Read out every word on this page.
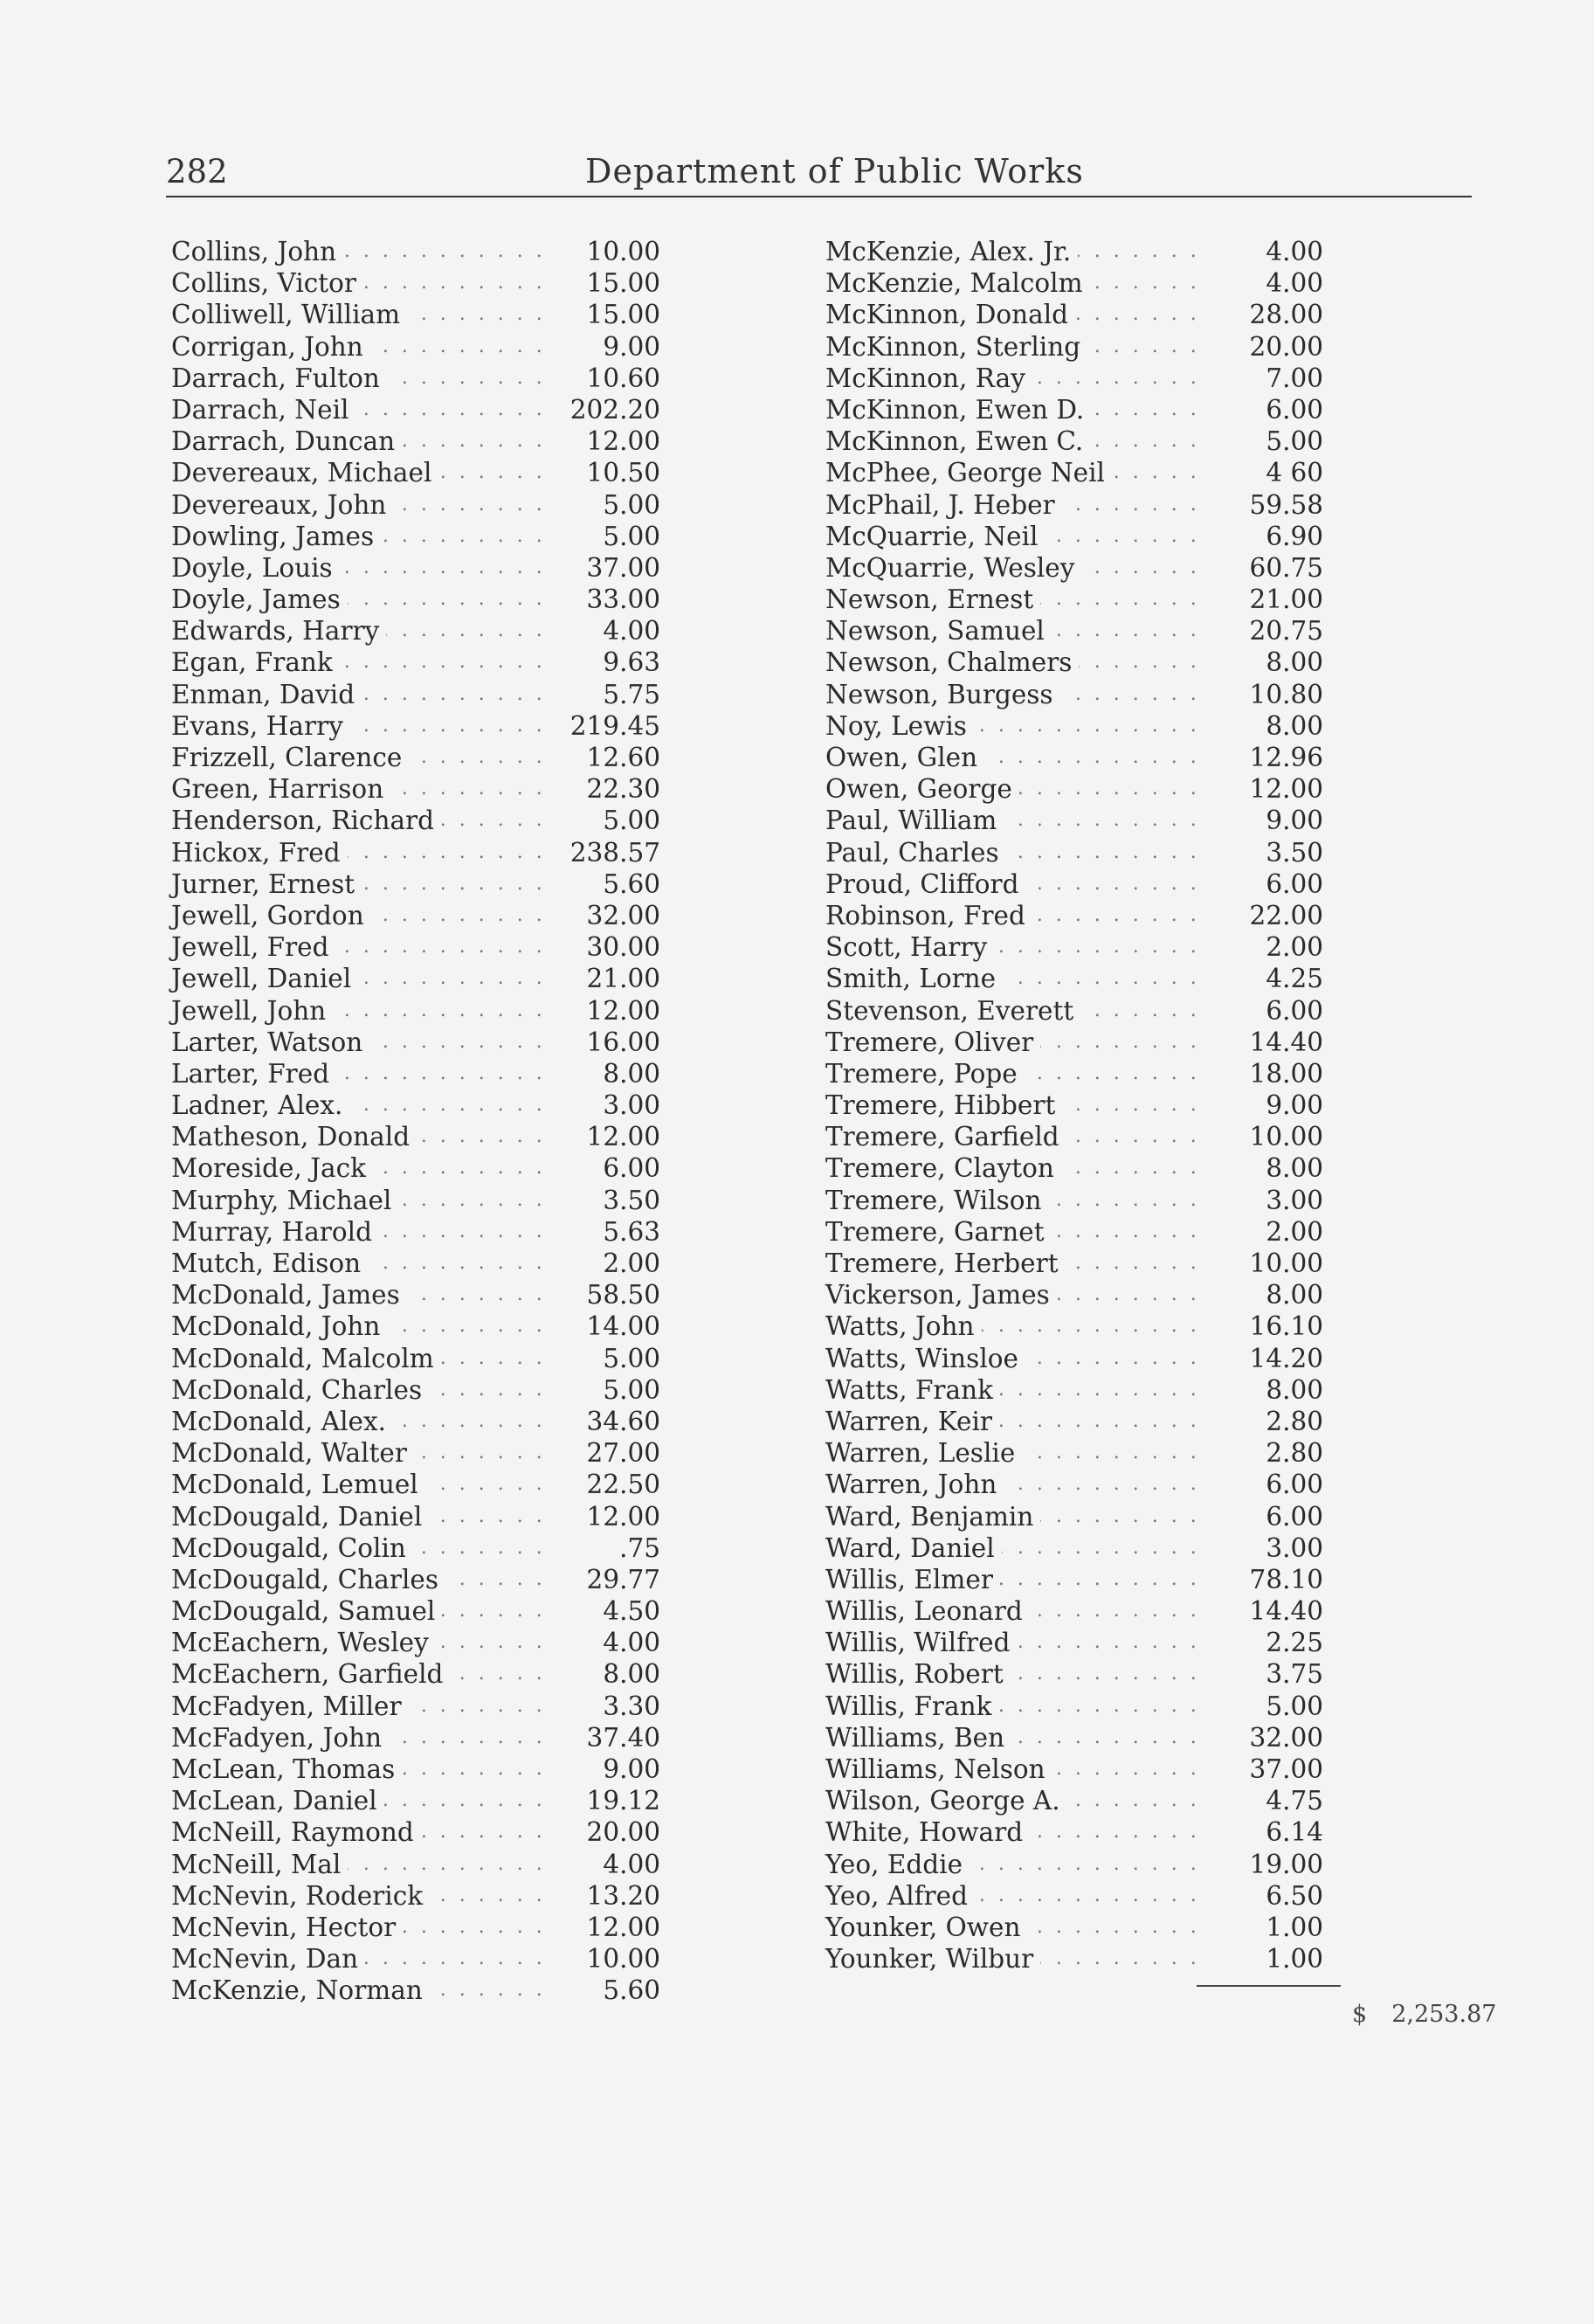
282	Department of Public Works
. . .
Collins, John	10.00
. . .
Collins, Victor	15.00
. . .
Colliwell, William	15.00
. . .
Corrigan, John	9.00
. . .
Darrach, Fulton	10.60
. . .
Darrach, Neil	202.20
. . .
Darrach, Duncan	12.00
. . .
Devereaux, Michael	10.50
. . .
Devereaux, John	5.00
. . .
Dowling, James	5.00
. . .
Doyle, Louis	37.00
. . .
Doyle, James	33.00
. . .
Edwards, Harry	4.00
. . .
Egan, Frank	9.63
. . .
Enman, David	5.75
. . .
Evans, Harry	219.45
. . .
Frizzell, Clarence	12.60
. . .
Green, Harrison	22.30
. . .
Henderson, Richard	5.00
. . .
Hickox, Fred	238.57
. . .
Jurner, Ernest	5.60
. . .
Jewell, Gordon	32.00
. . .
Jewell, Fred	30.00
. . .
Jewell, Daniel	21.00
. . .
Jewell, John	12.00
. . .
Larter, Watson	16.00
. . .
Larter, Fred	8.00
. . .
Ladner, Alex.	3.00
. . .
Matheson, Donald	12.00
. . .
Moreside, Jack	6.00
. . .
Murphy, Michael	3.50
. . .
Murray, Harold	5.63
. . .
Mutch, Edison	2.00
. . .
McDonald, James	58.50
. . .
McDonald, John	14.00
. . .
McDonald, Malcolm	5.00
. . .
McDonald, Charles	5.00
. . .
McDonald, Alex.	34.60
. . .
McDonald, Walter	27.00
. . .
McDonald, Lemuel	22.50
. . .
McDougald, Daniel	12.00
. . .
McDougald, Colin	.75
. . .
McDougald, Charles	29.77
. . .
McDougald, Samuel	4.50
. . .
McEachern, Wesley	4.00
. . .
McEachern, Garfield	8.00
. . .
McFadyen, Miller	3.30
. . .
McFadyen, John	37.40
. . .
McLean, Thomas	9.00
. . .
McLean, Daniel	19.12
. . .
McNeill, Raymond	20.00
. . .
McNeill, Mal	4.00
. . .
McNevin, Roderick	13.20
. . .
McNevin, Hector	12.00
. . .
McNevin, Dan	10.00
. . .
McKenzie, Norman	5.60
. . .
McKenzie, Alex. Jr.	4.00
. . .
McKenzie, Malcolm	4.00
. . .
McKinnon, Donald	28.00
. . .
McKinnon, Sterling	20.00
. . .
McKinnon, Ray	7.00
. . .
McKinnon, Ewen D.	6.00
. . .
McKinnon, Ewen C.	5.00
. . .
McPhee, George Neil	4 60
. . .
McPhail, J. Heber	59.58
. . .
McQuarrie, Neil	6.90
. . .
McQuarrie, Wesley	60.75
. . .
Newson, Ernest	21.00
. . .
Newson, Samuel	20.75
. . .
Newson, Chalmers	8.00
. . .
Newson, Burgess	10.80
. . .
Noy, Lewis	8.00
. . .
Owen, Glen	12.96
. . .
Owen, George	12.00
. . .
Paul, William	9.00
. . .
Paul, Charles	3.50
. . .
Proud, Clifford	6.00
. . .
Robinson, Fred	22.00
. . .
Scott, Harry	2.00
. . .
Smith, Lorne	4.25
. . .
Stevenson, Everett	6.00
. . .
Tremere, Oliver	14.40
. . .
Tremere, Pope	18.00
. . .
Tremere, Hibbert	9.00
. . .
Tremere, Garfield	10.00
. . .
Tremere, Clayton	8.00
. . .
Tremere, Wilson	3.00
. . .
Tremere, Garnet	2.00
. . .
Tremere, Herbert	10.00
. . .
Vickerson, James	8.00
. . .
Watts, John	16.10
. . .
Watts, Winsloe	14.20
. . .
Watts, Frank	8.00
. . .
Warren, Keir	2.80
. . .
Warren, Leslie	2.80
. . .
Warren, John	6.00
. . .
Ward, Benjamin	6.00
. . .
Ward, Daniel	3.00
. . .
Willis, Elmer	78.10
. . .
Willis, Leonard	14.40
. . .
Willis, Wilfred	2.25
. . .
Willis, Robert	3.75
. . .
Willis, Frank	5.00
. . .
Williams, Ben	32.00
. . .
Williams, Nelson	37.00
. . .
Wilson, George A.	4.75
. . .
White, Howard	6.14
. . .
Yeo, Eddie	19.00
. . .
Yeo, Alfred	6.50
. . .
Younker, Owen	1.00
. . .
Younker, Wilbur	1.00
$ 2,253.87
